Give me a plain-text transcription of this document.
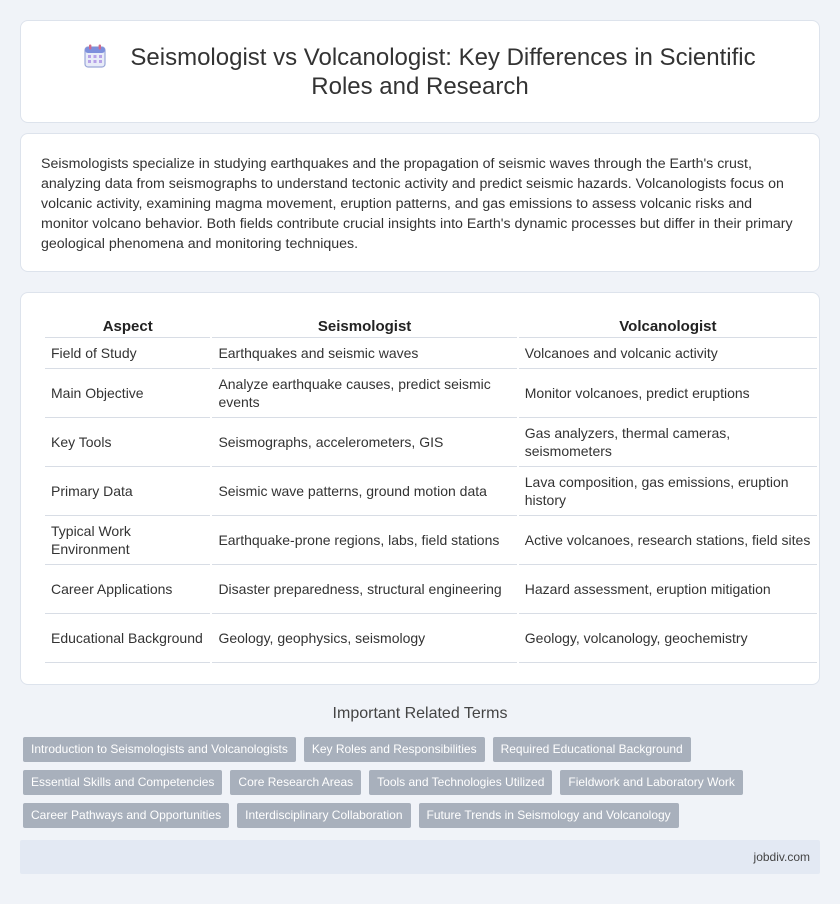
Seismologist vs Volcanologist: Key Differences in Scientific Roles and Research

Seismologists specialize in studying earthquakes and the propagation of seismic waves through the Earth's crust, analyzing data from seismographs to understand tectonic activity and predict seismic hazards. Volcanologists focus on volcanic activity, examining magma movement, eruption patterns, and gas emissions to assess volcanic risks and monitor volcano behavior. Both fields contribute crucial insights into Earth's dynamic processes but differ in their primary geological phenomena and monitoring techniques.

Aspect	Seismologist	Volcanologist
Field of Study	Earthquakes and seismic waves	Volcanoes and volcanic activity
Main Objective	Analyze earthquake causes, predict seismic events	Monitor volcanoes, predict eruptions
Key Tools	Seismographs, accelerometers, GIS	Gas analyzers, thermal cameras, seismometers
Primary Data	Seismic wave patterns, ground motion data	Lava composition, gas emissions, eruption history
Typical Work Environment	Earthquake-prone regions, labs, field stations	Active volcanoes, research stations, field sites
Career Applications	Disaster preparedness, structural engineering	Hazard assessment, eruption mitigation
Educational Background	Geology, geophysics, seismology	Geology, volcanology, geochemistry
Important Related Terms
Introduction to Seismologists and Volcanologists	Key Roles and Responsibilities	Required Educational Background
Essential Skills and Competencies	Core Research Areas	Tools and Technologies Utilized	Fieldwork and Laboratory Work
Career Pathways and Opportunities	Interdisciplinary Collaboration	Future Trends in Seismology and Volcanology
jobdiv.com
